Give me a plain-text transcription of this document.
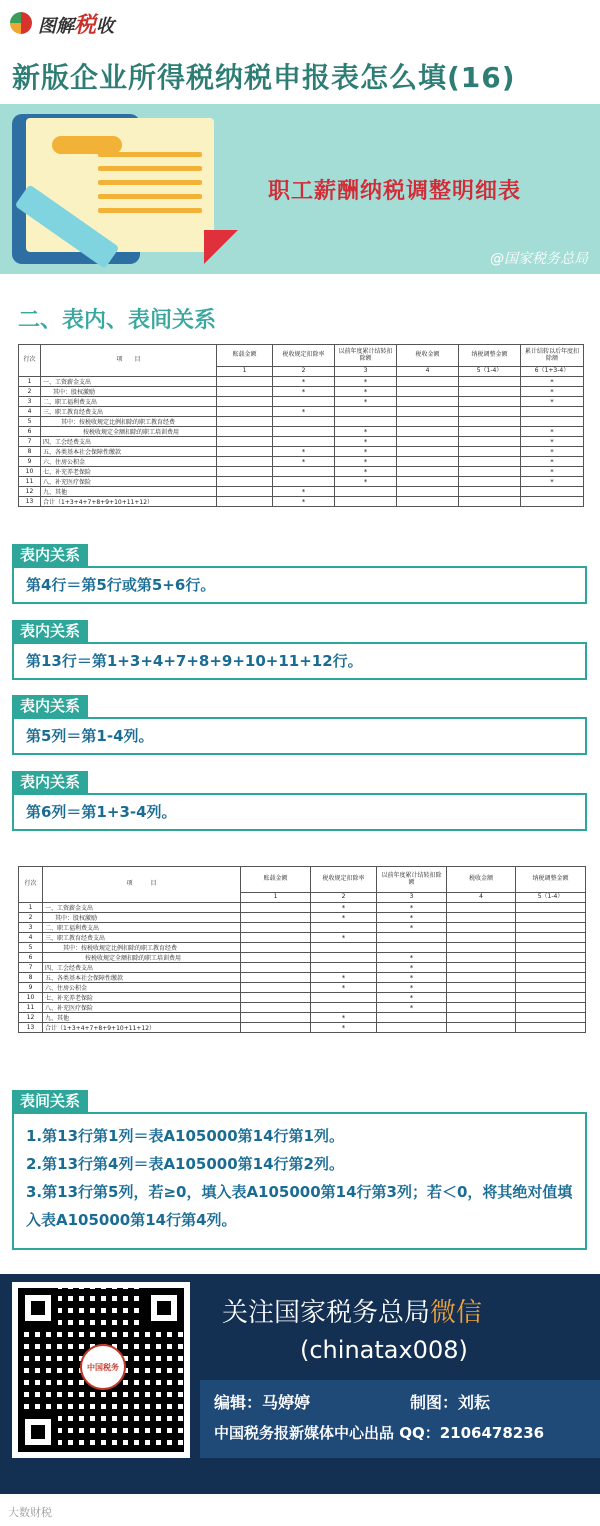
图解税收
新版企业所得税纳税申报表怎么填(16)
职工薪酬纳税调整明细表
@国家税务总局
二、表内、表间关系
行次	项　　目	账载金额	税收规定扣除率	以前年度累计结转扣除额	税收金额	纳税调整金额	累计结转以后年度扣除额
		1	2	3	4	5（1-4）	6（1+3-4）
1	一、工资薪金支出		*	*			*
2	其中：股权激励		*	*			*
3	二、职工福利费支出			*			*
4	三、职工教育经费支出		*				
5	其中：按税收规定比例扣除的职工教育经费						
6	按税收规定全额扣除的职工培训费用			*			*
7	四、工会经费支出			*			*
8	五、各类基本社会保障性缴款		*	*			*
9	六、住房公积金		*	*			*
10	七、补充养老保险			*			*
11	八、补充医疗保险			*			*
12	九、其他		*				
13	合计（1+3+4+7+8+9+10+11+12）		*				
表内关系
第4行＝第5行或第5+6行。
表内关系
第13行＝第1+3+4+7+8+9+10+11+12行。
表内关系
第5列＝第1-4列。
表内关系
第6列＝第1+3-4列。
行次	项　　　目	账载金额	税收规定扣除率	以前年度累计结转扣除额	税收金额	纳税调整金额
		1	2	3	4	5（1-4）
1	一、工资薪金支出		*	*		
2	其中：股权激励		*	*		
3	二、职工福利费支出			*		
4	三、职工教育经费支出		*			
5	其中：按税收规定比例扣除的职工教育经费					
6	按税收规定全额扣除的职工培训费用			*		
7	四、工会经费支出			*		
8	五、各类基本社会保障性缴款		*	*		
9	六、住房公积金		*	*		
10	七、补充养老保险			*		
11	八、补充医疗保险			*		
12	九、其他		*			
13	合计（1+3+4+7+8+9+10+11+12）		*			
表间关系
1.第13行第1列＝表A105000第14行第1列。
2.第13行第4列＝表A105000第14行第2列。
3.第13行第5列，若≥0，填入表A105000第14行第3列；若＜0，将其绝对值填入表A105000第14行第4列。
中国税务
关注国家税务总局微信
(chinatax008)
编辑：马婷婷	制图：刘耘
中国税务报新媒体中心出品 QQ：2106478236
大数财税
